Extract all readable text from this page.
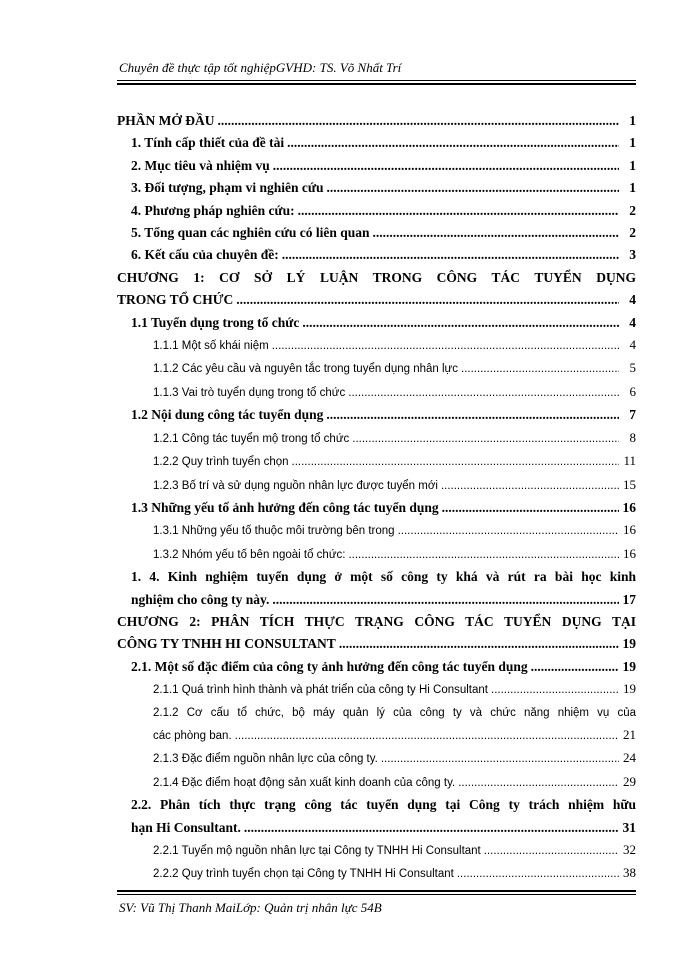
Chuyên đề thực tập tốt nghiệpGVHD: TS. Võ Nhất Trí
PHẦN MỞ ĐẦU .....	1
1. Tính cấp thiết của đề tài .....	1
2. Mục tiêu và nhiệm vụ .....	1
3. Đối tượng, phạm vi nghiên cứu .....	1
4. Phương pháp nghiên cứu: .....	2
5. Tổng quan các nghiên cứu có liên quan .....	2
6. Kết cấu của chuyên đề: .....	3
CHƯƠNG 1: CƠ SỞ LÝ LUẬN TRONG CÔNG TÁC TUYỂN DỤNG
TRONG TỔ CHỨC .....	4
1.1 Tuyển dụng trong tổ chức .....	4
1.1.1 Một số khái niệm .....	4
1.1.2 Các yêu cầu và nguyên tắc trong tuyển dụng nhân lực .....	5
1.1.3 Vai trò tuyển dụng trong tổ chức .....	6
1.2 Nội dung công tác tuyển dụng .....	7
1.2.1 Công tác tuyển mộ trong tổ chức .....	8
1.2.2 Quy trình tuyển chọn .....	11
1.2.3 Bố trí và sử dụng nguồn nhân lực được tuyển mới .....	15
1.3 Những yếu tố ảnh hưởng đến công tác tuyển dụng .....	16
1.3.1 Những yếu tố thuộc môi trường bên trong .....	16
1.3.2 Nhóm yếu tố bên ngoài tổ chức: .....	16
1. 4. Kinh nghiệm tuyển dụng ở một số công ty khá và rút ra bài học kinh
nghiệm cho công ty này. .....	17
CHƯƠNG 2: PHÂN TÍCH THỰC TRẠNG CÔNG TÁC TUYỂN DỤNG TẠI
CÔNG TY TNHH HI CONSULTANT .....	19
2.1. Một số đặc điểm của công ty ảnh hưởng đến công tác tuyển dụng .....	19
2.1.1 Quá trình hình thành và phát triển của công ty Hi Consultant .....	19
2.1.2 Cơ cấu tổ chức, bộ máy quản lý của công ty và chức năng nhiệm vụ của
các phòng ban. .....	21
2.1.3 Đặc điểm nguồn nhân lực của công ty. .....	24
2.1.4 Đặc điểm hoạt động sản xuất kinh doanh của công ty. .....	29
2.2. Phân tích thực trạng công tác tuyển dụng tại Công ty trách nhiệm hữu
hạn Hi Consultant. .....	31
2.2.1 Tuyển mộ nguồn nhân lực tại Công ty TNHH Hi Consultant .....	32
2.2.2 Quy trình tuyển chọn tại Công ty TNHH Hi Consultant .....	38
SV: Vũ Thị Thanh MaiLớp: Quản trị nhân lực 54B
